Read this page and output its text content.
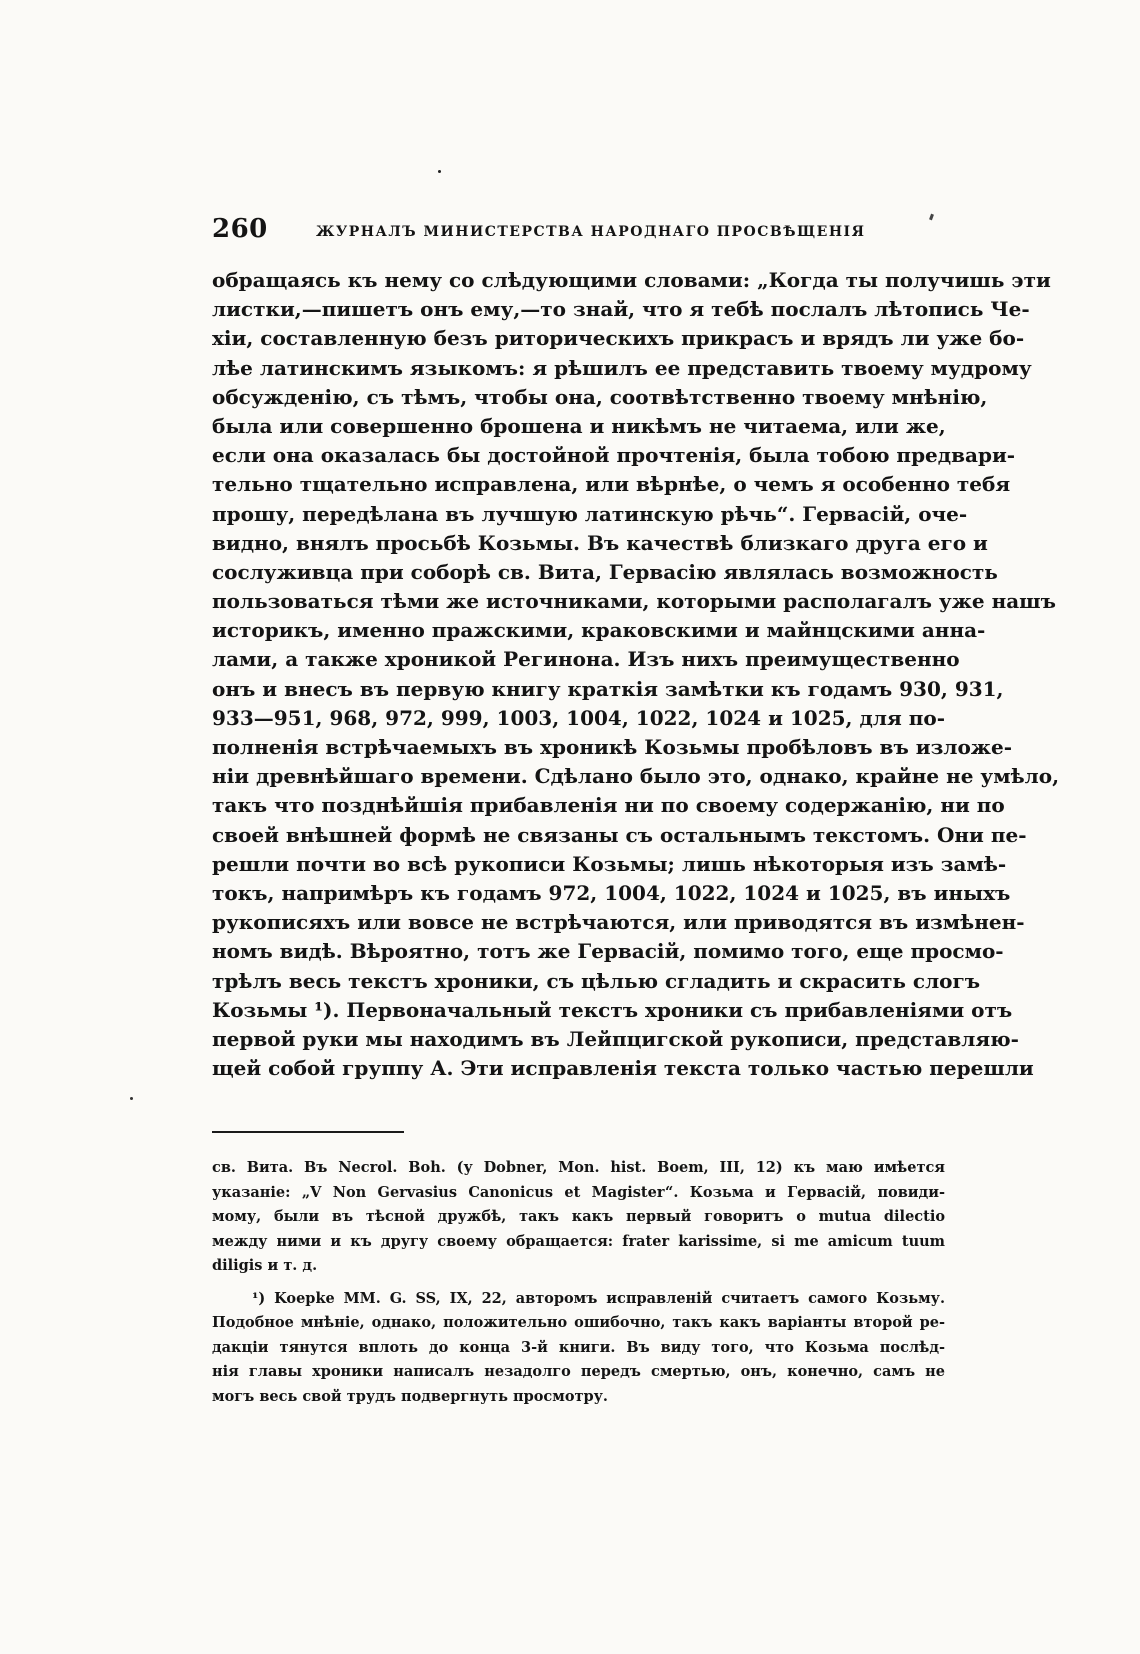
260	ЖУРНАЛЪ МИНИСТЕРСТВА НАРОДНАГО ПРОСВѢЩЕНІЯ
обращаясь къ нему со слѣдующими словами: „Когда ты получишь эти
листки,—пишетъ онъ ему,—то знай, что я тебѣ послалъ лѣтопись Че-
хіи, составленную безъ риторическихъ прикрасъ и врядъ ли уже бо-
лѣе латинскимъ языкомъ: я рѣшилъ ее представить твоему мудрому
обсужденію, съ тѣмъ, чтобы она, соотвѣтственно твоему мнѣнію,
была или совершенно брошена и никѣмъ не читаема, или же,
если она оказалась бы достойной прочтенія, была тобою предвари-
тельно тщательно исправлена, или вѣрнѣе, о чемъ я особенно тебя
прошу, передѣлана въ лучшую латинскую рѣчь“. Гервасій, оче-
видно, внялъ просьбѣ Козьмы. Въ качествѣ близкаго друга его и
сослуживца при соборѣ св. Вита, Гервасію являлась возможность
пользоваться тѣми же источниками, которыми располагалъ уже нашъ
историкъ, именно пражскими, краковскими и майнцскими анна-
лами, а также хроникой Регинона. Изъ нихъ преимущественно
онъ и внесъ въ первую книгу краткія замѣтки къ годамъ 930, 931,
933—951, 968, 972, 999, 1003, 1004, 1022, 1024 и 1025, для по-
полненія встрѣчаемыхъ въ хроникѣ Козьмы пробѣловъ въ изложе-
ніи древнѣйшаго времени. Сдѣлано было это, однако, крайне не умѣло,
такъ что позднѣйшія прибавленія ни по своему содержанію, ни по
своей внѣшней формѣ не связаны съ остальнымъ текстомъ. Они пе-
решли почти во всѣ рукописи Козьмы; лишь нѣкоторыя изъ замѣ-
токъ, напримѣръ къ годамъ 972, 1004, 1022, 1024 и 1025, въ иныхъ
рукописяхъ или вовсе не встрѣчаются, или приводятся въ измѣнен-
номъ видѣ. Вѣроятно, тотъ же Гервасій, помимо того, еще просмо-
трѣлъ весь текстъ хроники, съ цѣлью сгладить и скрасить слогъ
Козьмы ¹). Первоначальный текстъ хроники съ прибавленіями отъ
первой руки мы находимъ въ Лейпцигской рукописи, представляю-
щей собой группу А. Эти исправленія текста только частью перешли
св. Вита. Въ Necrol. Boh. (у Dobner, Mon. hist. Boem, III, 12) къ маю имѣется
указаніе: „V Non Gervasius Canonicus et Magister“. Козьма и Гервасій, повиди-
мому, были въ тѣсной дружбѣ, такъ какъ первый говоритъ о mutua dilectio
между ними и къ другу своему обращается: frater karissime, si me amicum tuum
diligis и т. д.
¹) Koepke MM. G. SS, IX, 22, авторомъ исправленій считаетъ самого Козьму.
Подобное мнѣніе, однако, положительно ошибочно, такъ какъ варіанты второй ре-
дакціи тянутся вплоть до конца 3-й книги. Въ виду того, что Козьма послѣд-
нія главы хроники написалъ незадолго передъ смертью, онъ, конечно, самъ не
могъ весь свой трудъ подвергнуть просмотру.
